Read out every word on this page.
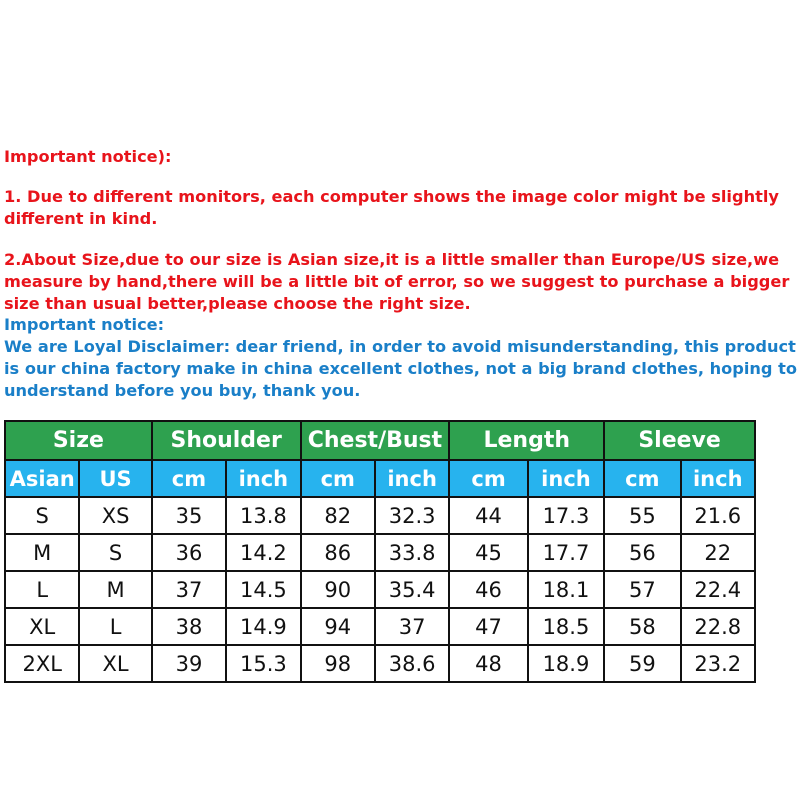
Important notice):

1. Due to different monitors, each computer shows the image color might be slightly different in kind.

2.About Size,due to our size is Asian size,it is a little smaller than Europe/US size,we measure by hand,there will be a little bit of error, so we suggest to purchase a bigger size than usual better,please choose the right size.

Important notice:

We are Loyal Disclaimer: dear friend, in order to avoid misunderstanding, this product is our china factory make in china excellent clothes, not a big brand clothes, hoping to understand before you buy, thank you.

Size		Shoulder		Chest/Bust		Length		Sleeve	
Asian	US	cm	inch	cm	inch	cm	inch	cm	inch
S	XS	35	13.8	82	32.3	44	17.3	55	21.6
M	S	36	14.2	86	33.8	45	17.7	56	22
L	M	37	14.5	90	35.4	46	18.1	57	22.4
XL	L	38	14.9	94	37	47	18.5	58	22.8
2XL	XL	39	15.3	98	38.6	48	18.9	59	23.2
